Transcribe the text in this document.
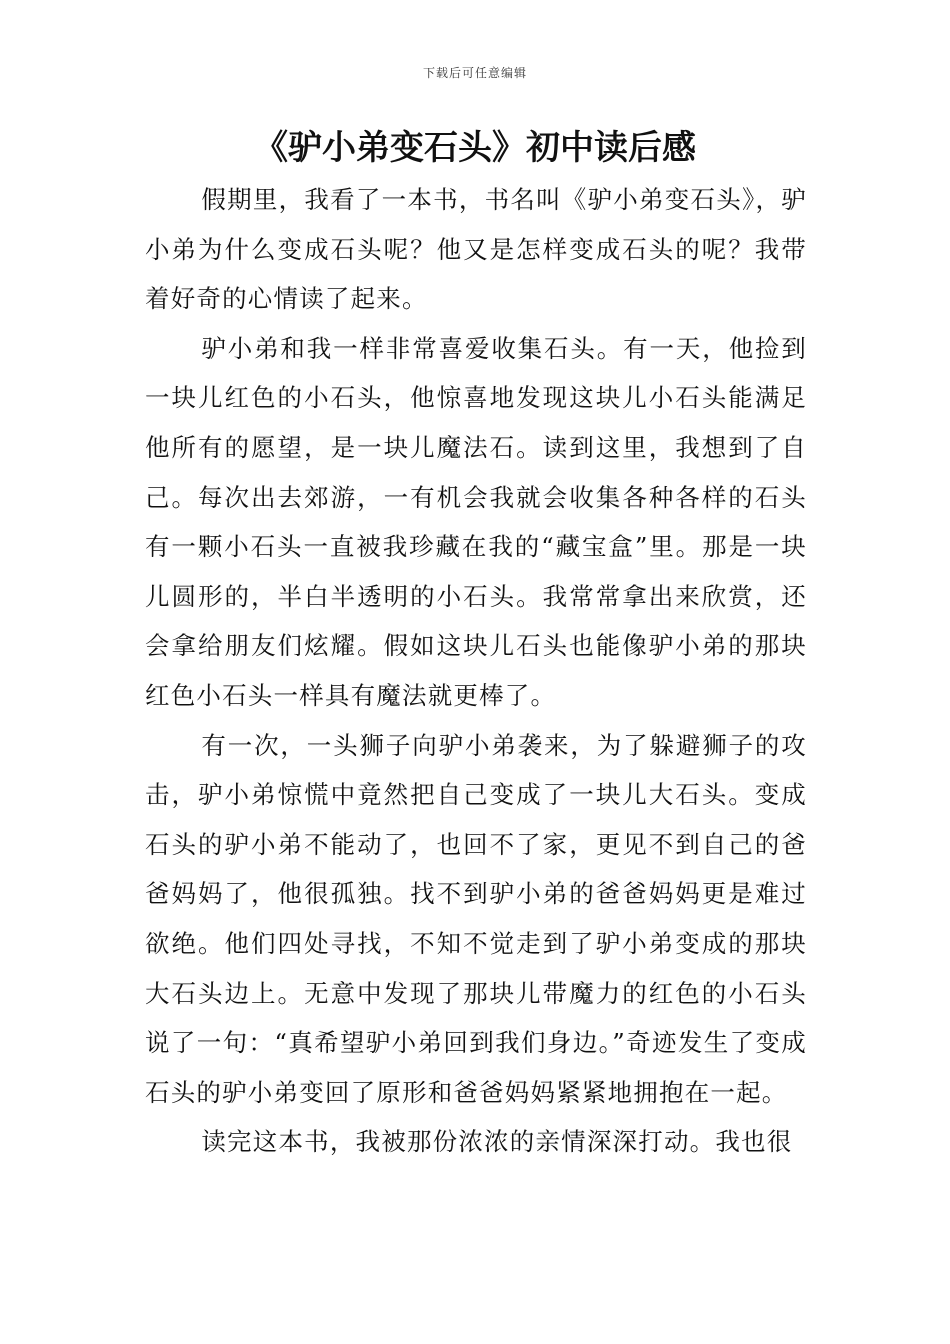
下载后可任意编辑
《驴小弟变石头》初中读后感

假期里，我看了一本书，书名叫《驴小弟变石头》，驴小弟为什么变成石头呢？他又是怎样变成石头的呢？我带着好奇的心情读了起来。

驴小弟和我一样非常喜爱收集石头。有一天，他捡到一块儿红色的小石头，他惊喜地发现这块儿小石头能满足他所有的愿望，是一块儿魔法石。读到这里，我想到了自己。每次出去郊游，一有机会我就会收集各种各样的石头有一颗小石头一直被我珍藏在我的“藏宝盒”里。那是一块儿圆形的，半白半透明的小石头。我常常拿出来欣赏，还会拿给朋友们炫耀。假如这块儿石头也能像驴小弟的那块红色小石头一样具有魔法就更棒了。

有一次，一头狮子向驴小弟袭来，为了躲避狮子的攻击，驴小弟惊慌中竟然把自己变成了一块儿大石头。变成石头的驴小弟不能动了，也回不了家，更见不到自己的爸爸妈妈了，他很孤独。找不到驴小弟的爸爸妈妈更是难过欲绝。他们四处寻找，不知不觉走到了驴小弟变成的那块大石头边上。无意中发现了那块儿带魔力的红色的小石头说了一句：“真希望驴小弟回到我们身边。”奇迹发生了变成石头的驴小弟变回了原形和爸爸妈妈紧紧地拥抱在一起。

读完这本书，我被那份浓浓的亲情深深打动。我也很
